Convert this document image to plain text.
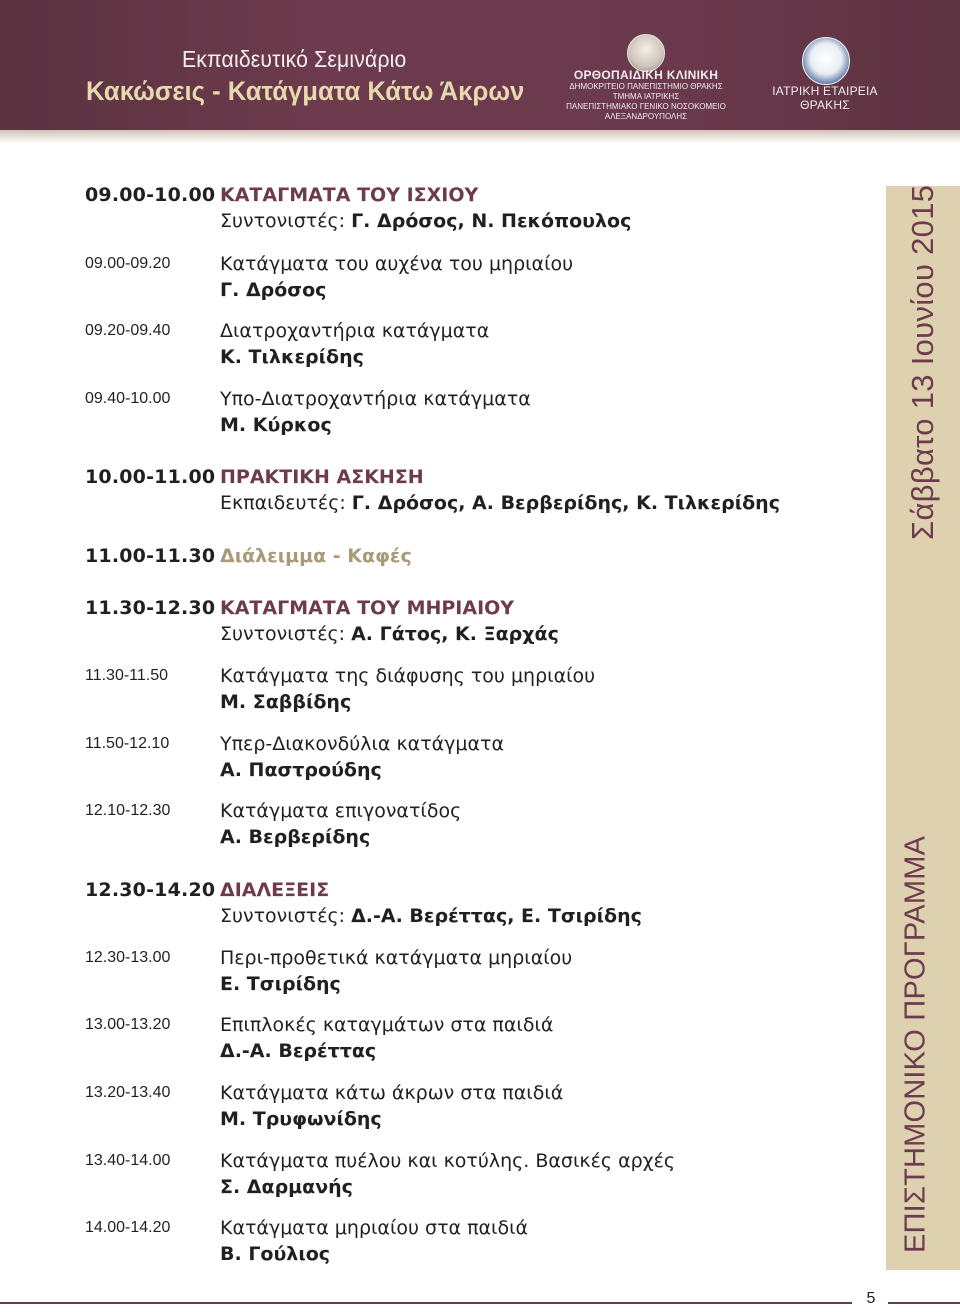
Εκπαιδευτικό Σεμινάριο
Κακώσεις - Κατάγματα Κάτω Άκρων
ΟΡΘΟΠΑΙΔΙΚΗ ΚΛΙΝΙΚΗ
ΔΗΜΟΚΡΙΤΕΙΟ ΠΑΝΕΠΙΣΤΗΜΙΟ ΘΡΑΚΗΣ
ΤΜΗΜΑ ΙΑΤΡΙΚΗΣ
ΠΑΝΕΠΙΣΤΗΜΙΑΚΟ ΓΕΝΙΚΟ ΝΟΣΟΚΟΜΕΙΟ ΑΛΕΞΑΝΔΡΟΥΠΟΛΗΣ
ΙΑΤΡΙΚΗ ΕΤΑΙΡΕΙΑ
ΘΡΑΚΗΣ
Σάββατο 13 Ιουνίου 2015
ΕΠΙΣΤΗΜΟΝΙΚΟ ΠΡΟΓΡΑΜΜΑ
09.00-10.00 ΚΑΤΑΓΜΑΤΑ ΤΟΥ ΙΣΧΙΟΥ
Συντονιστές: Γ. Δρόσος, Ν. Πεκόπουλος
09.00-09.20	Κατάγματα του αυχένα του μηριαίου
Γ. Δρόσος
09.20-09.40	Διατροχαντήρια κατάγματα
Κ. Τιλκερίδης
09.40-10.00	Υπο-Διατροχαντήρια κατάγματα
Μ. Κύρκος
10.00-11.00 ΠΡΑΚΤΙΚΗ ΑΣΚΗΣΗ
Εκπαιδευτές: Γ. Δρόσος, Α. Βερβερίδης, Κ. Τιλκερίδης
11.00-11.30 Διάλειμμα - Καφές
11.30-12.30 ΚΑΤΑΓΜΑΤΑ ΤΟΥ ΜΗΡΙΑΙΟΥ
Συντονιστές: Α. Γάτος, Κ. Ξαρχάς
11.30-11.50	Κατάγματα της διάφυσης του μηριαίου
Μ. Σαββίδης
11.50-12.10	Υπερ-Διακονδύλια κατάγματα
Α. Παστρούδης
12.10-12.30	Κατάγματα επιγονατίδος
Α. Βερβερίδης
12.30-14.20 ΔΙΑΛΕΞΕΙΣ
Συντονιστές: Δ.-Α. Βερέττας, Ε. Τσιρίδης
12.30-13.00	Περι-προθετικά κατάγματα μηριαίου
Ε. Τσιρίδης
13.00-13.20	Επιπλοκές καταγμάτων στα παιδιά
Δ.-Α. Βερέττας
13.20-13.40	Κατάγματα κάτω άκρων στα παιδιά
Μ. Τρυφωνίδης
13.40-14.00	Κατάγματα πυέλου και κοτύλης. Βασικές αρχές
Σ. Δαρμανής
14.00-14.20	Κατάγματα μηριαίου στα παιδιά
Β. Γούλιος
5
